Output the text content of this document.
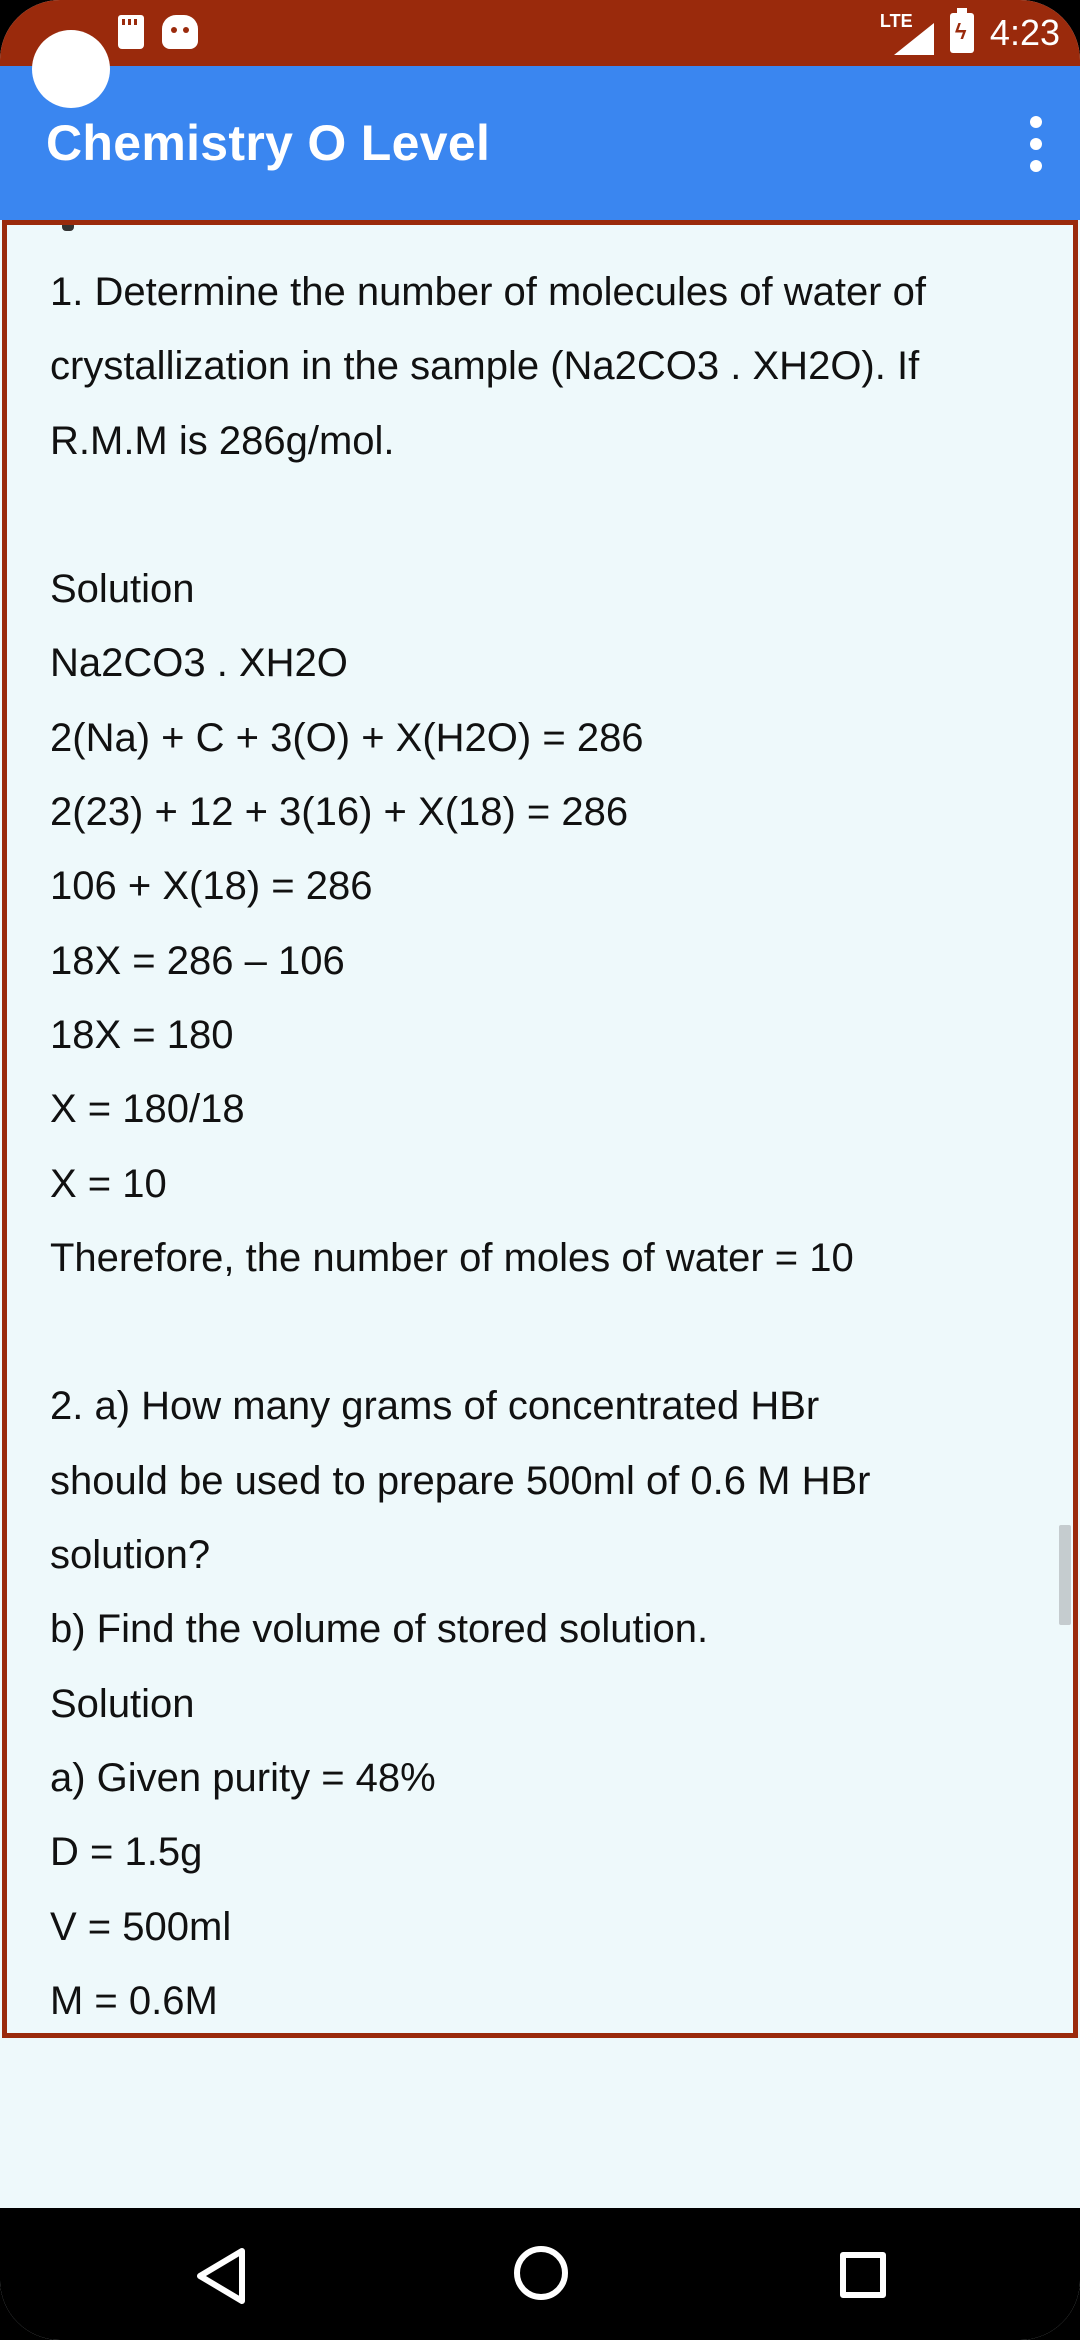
LTE ϟ 4:23
Chemistry O Level
1. Determine the number of molecules of water of
crystallization in the sample (Na2CO3 . XH2O). If
R.M.M is 286g/mol.
Solution
Na2CO3 . XH2O
2(Na) + C + 3(O) + X(H2O) = 286
2(23) + 12 + 3(16) + X(18) = 286
106 + X(18) = 286
18X = 286 – 106
18X = 180
X = 180/18
X = 10
Therefore, the number of moles of water = 10
2. a) How many grams of concentrated HBr
should be used to prepare 500ml of 0.6 M HBr
solution?
b) Find the volume of stored solution.
Solution
a) Given purity = 48%
D = 1.5g
V = 500ml
M = 0.6M
